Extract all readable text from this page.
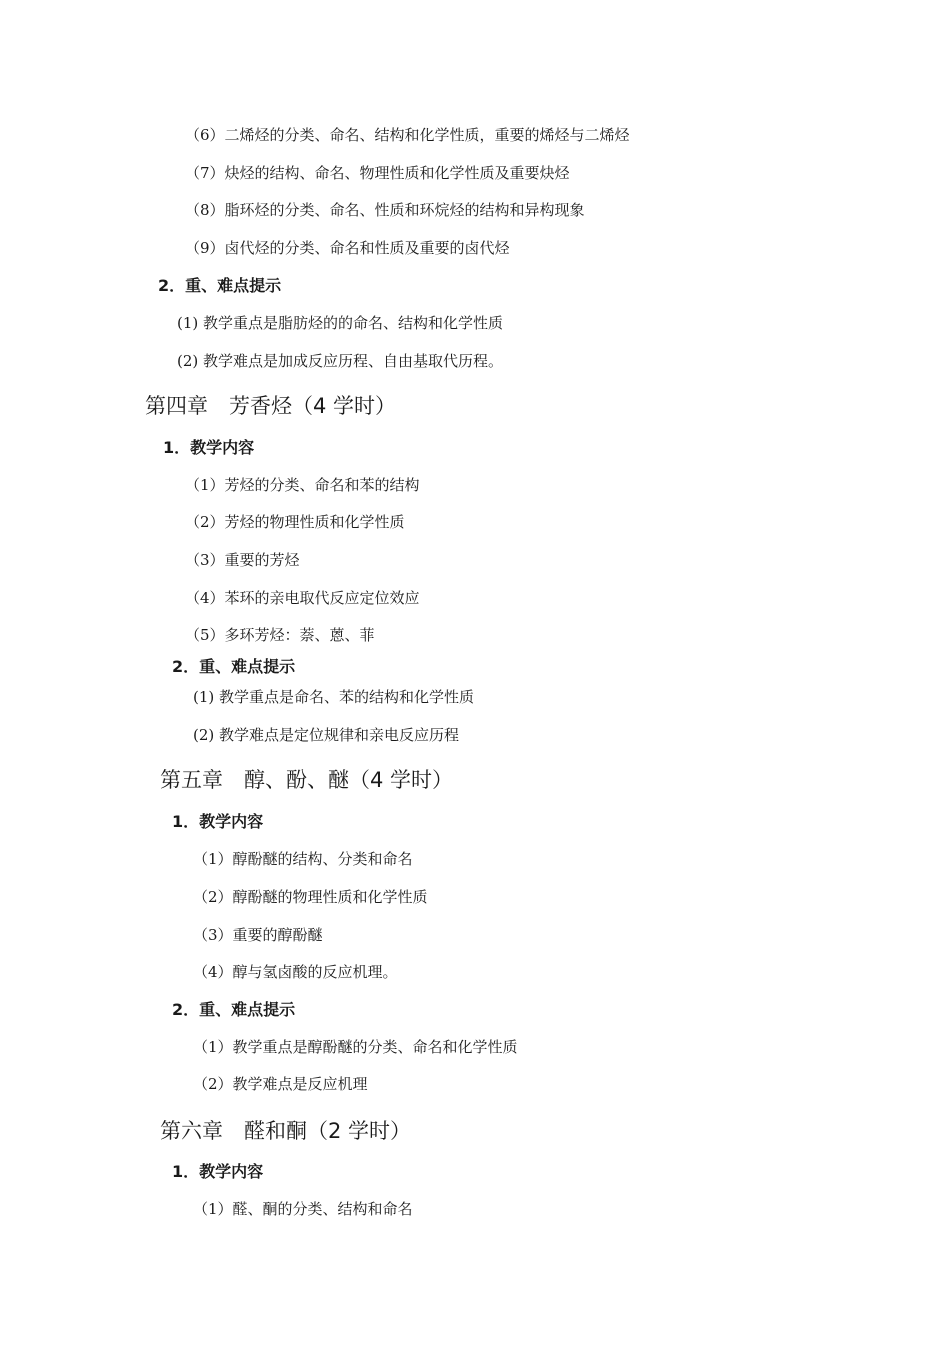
（6）二烯烃的分类、命名、结构和化学性质，重要的烯烃与二烯烃
（7）炔烃的结构、命名、物理性质和化学性质及重要炔烃
（8）脂环烃的分类、命名、性质和环烷烃的结构和异构现象
（9）卤代烃的分类、命名和性质及重要的卤代烃
2．重、难点提示
(1) 教学重点是脂肪烃的的命名、结构和化学性质
(2) 教学难点是加成反应历程、自由基取代历程。
第四章　芳香烃（4 学时）
1．教学内容
（1）芳烃的分类、命名和苯的结构
（2）芳烃的物理性质和化学性质
（3）重要的芳烃
（4）苯环的亲电取代反应定位效应
（5）多环芳烃：萘、蒽、菲
2．重、难点提示
(1) 教学重点是命名、苯的结构和化学性质
(2) 教学难点是定位规律和亲电反应历程
第五章　醇、酚、醚（4 学时）
1．教学内容
（1）醇酚醚的结构、分类和命名
（2）醇酚醚的物理性质和化学性质
（3）重要的醇酚醚
（4）醇与氢卤酸的反应机理。
2．重、难点提示
（1）教学重点是醇酚醚的分类、命名和化学性质
（2）教学难点是反应机理
第六章　醛和酮（2 学时）
1．教学内容
（1）醛、酮的分类、结构和命名
